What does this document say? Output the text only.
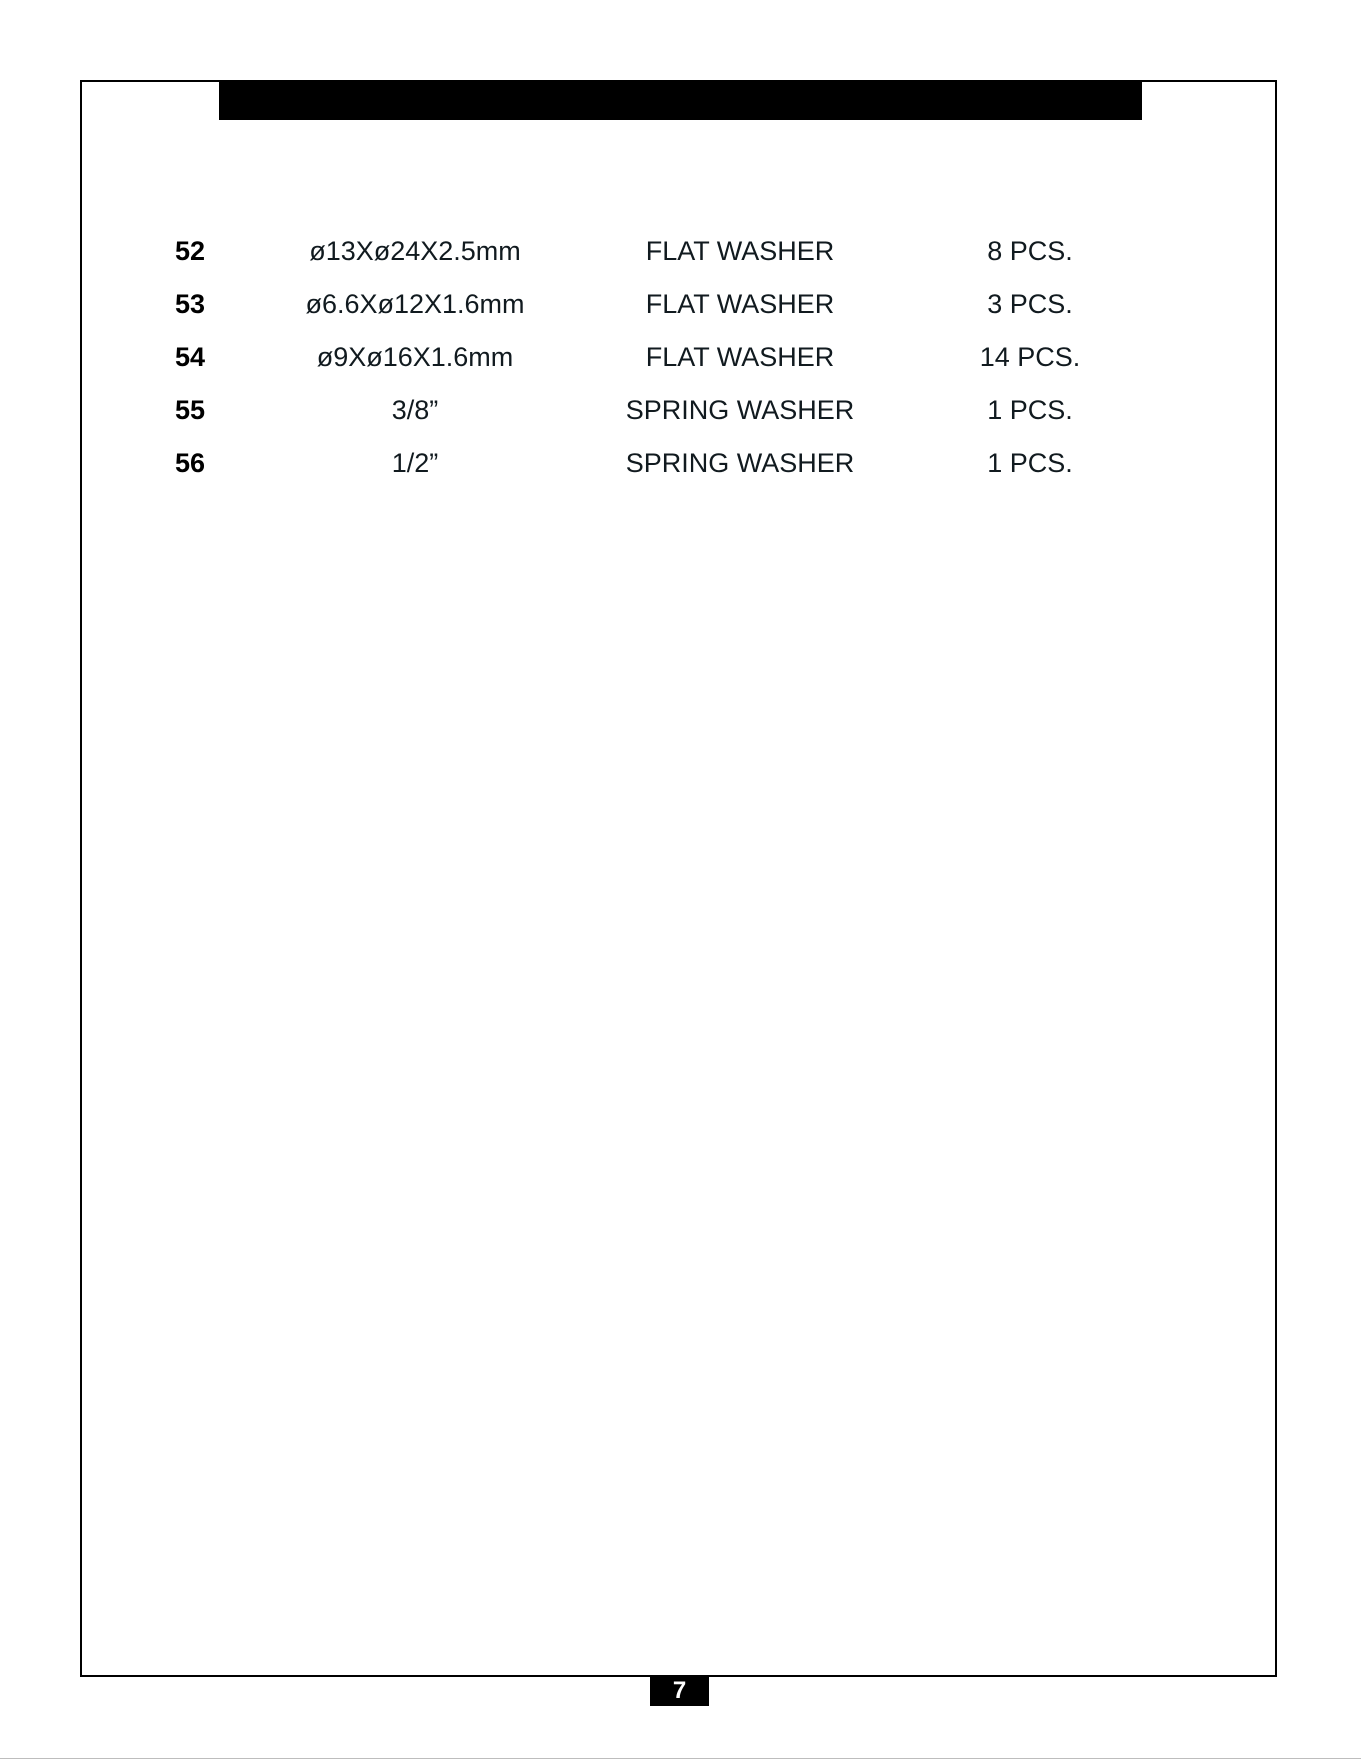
52	ø13Xø24X2.5mm	FLAT WASHER	8 PCS.
53	ø6.6Xø12X1.6mm	FLAT WASHER	3 PCS.
54	ø9Xø16X1.6mm	FLAT WASHER	14 PCS.
55	3/8”	SPRING WASHER	1 PCS.
56	1/2”	SPRING WASHER	1 PCS.
7
